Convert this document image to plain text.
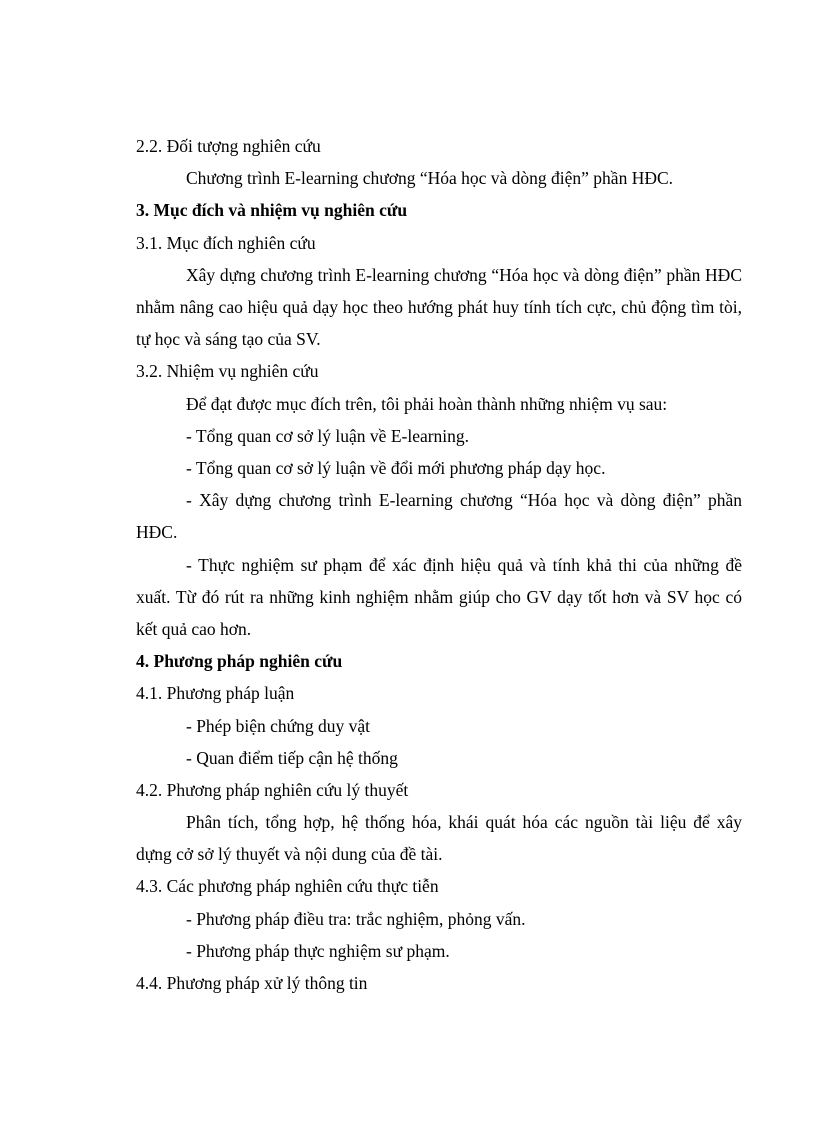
2.2. Đối tượng nghiên cứu
Chương trình E-learning chương “Hóa học và dòng điện” phần HĐC.
3. Mục đích và nhiệm vụ nghiên cứu
3.1. Mục đích nghiên cứu

Xây dựng chương trình E-learning chương “Hóa học và dòng điện” phần HĐC nhằm nâng cao hiệu quả dạy học theo hướng phát huy tính tích cực, chủ động tìm tòi, tự học và sáng tạo của SV.

3.2. Nhiệm vụ nghiên cứu
Để đạt được mục đích trên, tôi phải hoàn thành những nhiệm vụ sau:
- Tổng quan cơ sở lý luận về E-learning.
- Tổng quan cơ sở lý luận về đổi mới phương pháp dạy học.

- Xây dựng chương trình E-learning chương “Hóa học và dòng điện” phần HĐC.

- Thực nghiệm sư phạm để xác định hiệu quả và tính khả thi của những đề xuất. Từ đó rút ra những kinh nghiệm nhằm giúp cho GV dạy tốt hơn và SV học có kết quả cao hơn.

4. Phương pháp nghiên cứu
4.1. Phương pháp luận
- Phép biện chứng duy vật
- Quan điểm tiếp cận hệ thống
4.2. Phương pháp nghiên cứu lý thuyết

Phân tích, tổng hợp, hệ thống hóa, khái quát hóa các nguồn tài liệu để xây dựng cở sở lý thuyết và nội dung của đề tài.

4.3. Các phương pháp nghiên cứu thực tiễn
- Phương pháp điều tra: trắc nghiệm, phỏng vấn.
- Phương pháp thực nghiệm sư phạm.
4.4. Phương pháp xử lý thông tin
